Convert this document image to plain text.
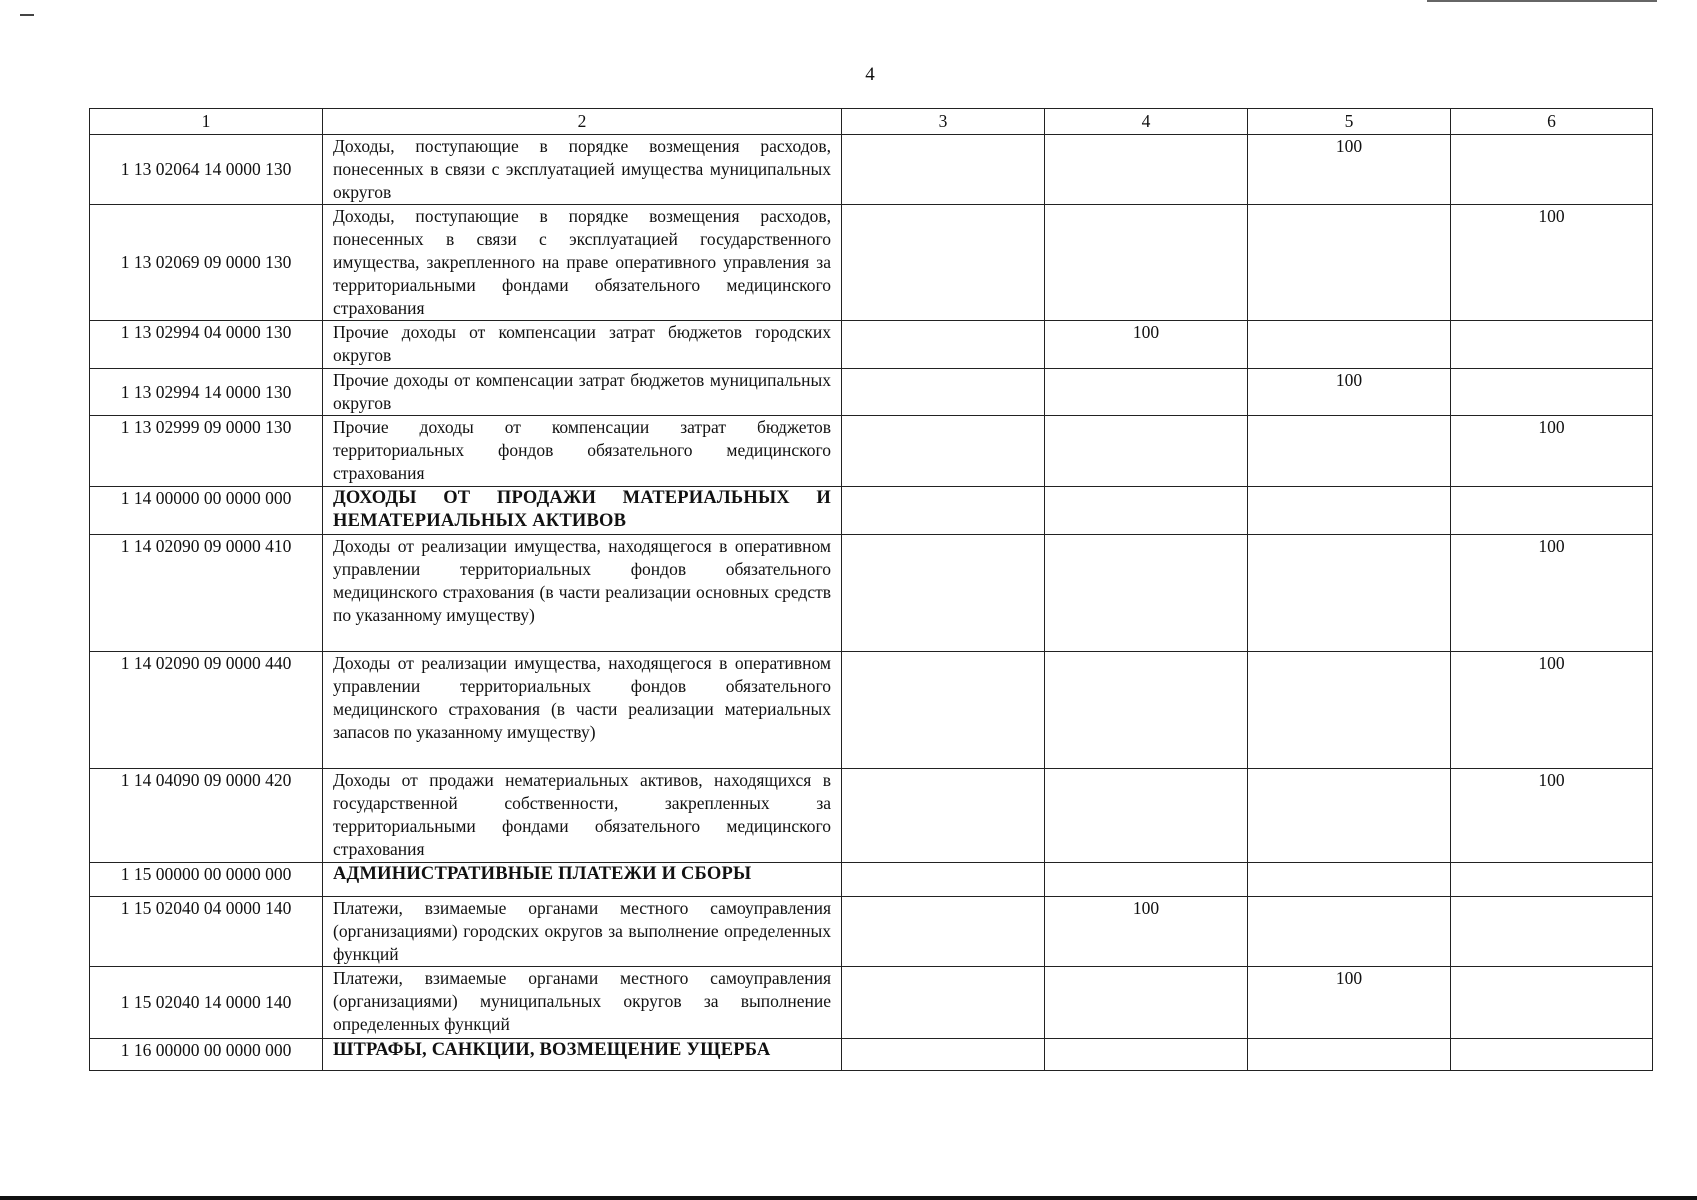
4
1	2	3	4	5	6
1 13 02064 14 0000 130	Доходы, поступающие в порядке возмещения расходов, понесенных в связи с эксплуатацией имущества муниципальных округов			100	
1 13 02069 09 0000 130	Доходы, поступающие в порядке возмещения расходов, понесенных в связи с эксплуатацией государственного имущества, закрепленного на праве оперативного управления за территориальными фондами обязательного медицинского страхования				100
1 13 02994 04 0000 130	Прочие доходы от компенсации затрат бюджетов городских округов		100		
1 13 02994 14 0000 130	Прочие доходы от компенсации затрат бюджетов муниципальных округов			100	
1 13 02999 09 0000 130	Прочие доходы от компенсации затрат бюджетов территориальных фондов обязательного медицинского страхования				100
1 14 00000 00 0000 000	ДОХОДЫ ОТ ПРОДАЖИ МАТЕРИАЛЬНЫХ И НЕМАТЕРИАЛЬНЫХ АКТИВОВ				
1 14 02090 09 0000 410	Доходы от реализации имущества, находящегося в оперативном управлении территориальных фондов обязательного медицинского страхования (в части реализации основных средств по указанному имуществу)				100
1 14 02090 09 0000 440	Доходы от реализации имущества, находящегося в оперативном управлении территориальных фондов обязательного медицинского страхования (в части реализации материальных запасов по указанному имуществу)				100
1 14 04090 09 0000 420	Доходы от продажи нематериальных активов, находящихся в государственной собственности, закрепленных за территориальными фондами обязательного медицинского страхования				100
1 15 00000 00 0000 000	АДМИНИСТРАТИВНЫЕ ПЛАТЕЖИ И СБОРЫ				
1 15 02040 04 0000 140	Платежи, взимаемые органами местного самоуправления (организациями) городских округов за выполнение определенных функций		100		
1 15 02040 14 0000 140	Платежи, взимаемые органами местного самоуправления (организациями) муниципальных округов за выполнение определенных функций			100	
1 16 00000 00 0000 000	ШТРАФЫ, САНКЦИИ, ВОЗМЕЩЕНИЕ УЩЕРБА				
